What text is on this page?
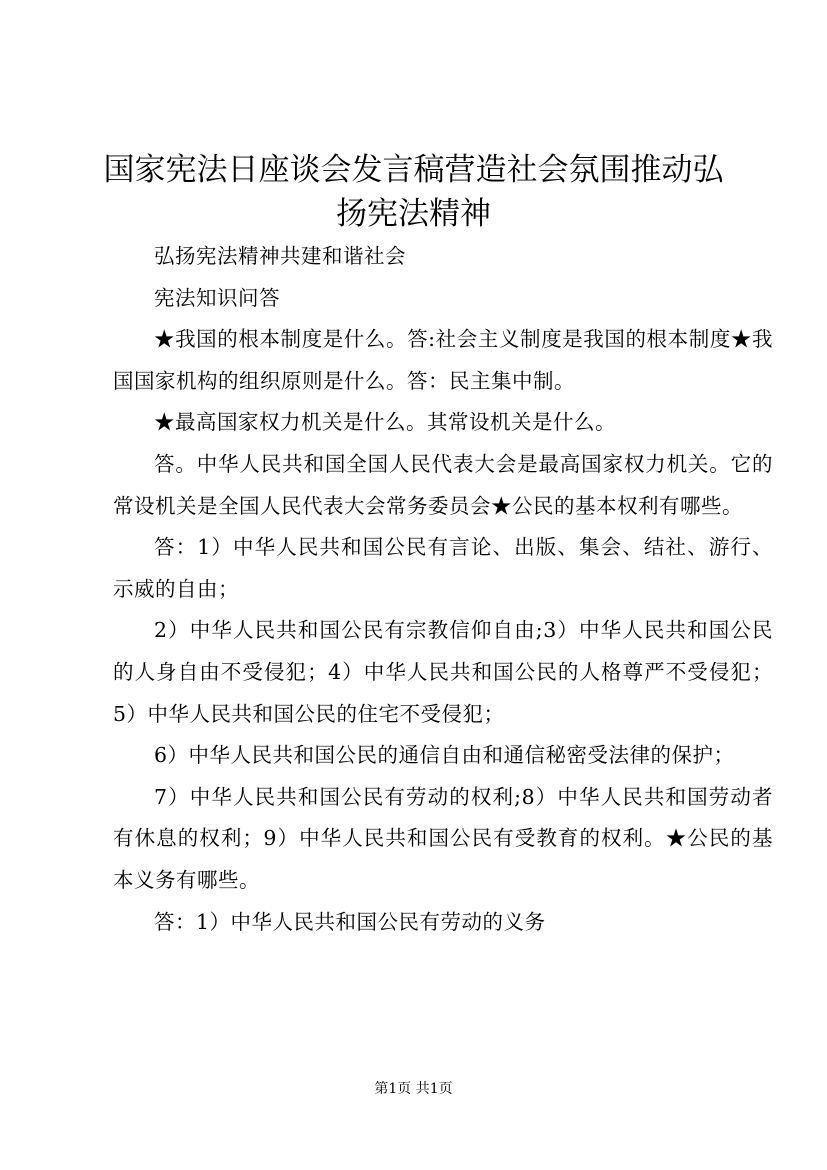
国家宪法日座谈会发言稿营造社会氛围推动弘扬宪法精神

弘扬宪法精神共建和谐社会

宪法知识问答

★我国的根本制度是什么。答:社会主义制度是我国的根本制度★我国国家机构的组织原则是什么。答：民主集中制。

★最高国家权力机关是什么。其常设机关是什么。

答。中华人民共和国全国人民代表大会是最高国家权力机关。它的常设机关是全国人民代表大会常务委员会★公民的基本权利有哪些。

答：1）中华人民共和国公民有言论、出版、集会、结社、游行、示威的自由；

2）中华人民共和国公民有宗教信仰自由;3）中华人民共和国公民的人身自由不受侵犯；4）中华人民共和国公民的人格尊严不受侵犯；5）中华人民共和国公民的住宅不受侵犯；

6）中华人民共和国公民的通信自由和通信秘密受法律的保护；

7）中华人民共和国公民有劳动的权利;8）中华人民共和国劳动者有休息的权利；9）中华人民共和国公民有受教育的权利。★公民的基本义务有哪些。

答：1）中华人民共和国公民有劳动的义务

第1页 共1页
